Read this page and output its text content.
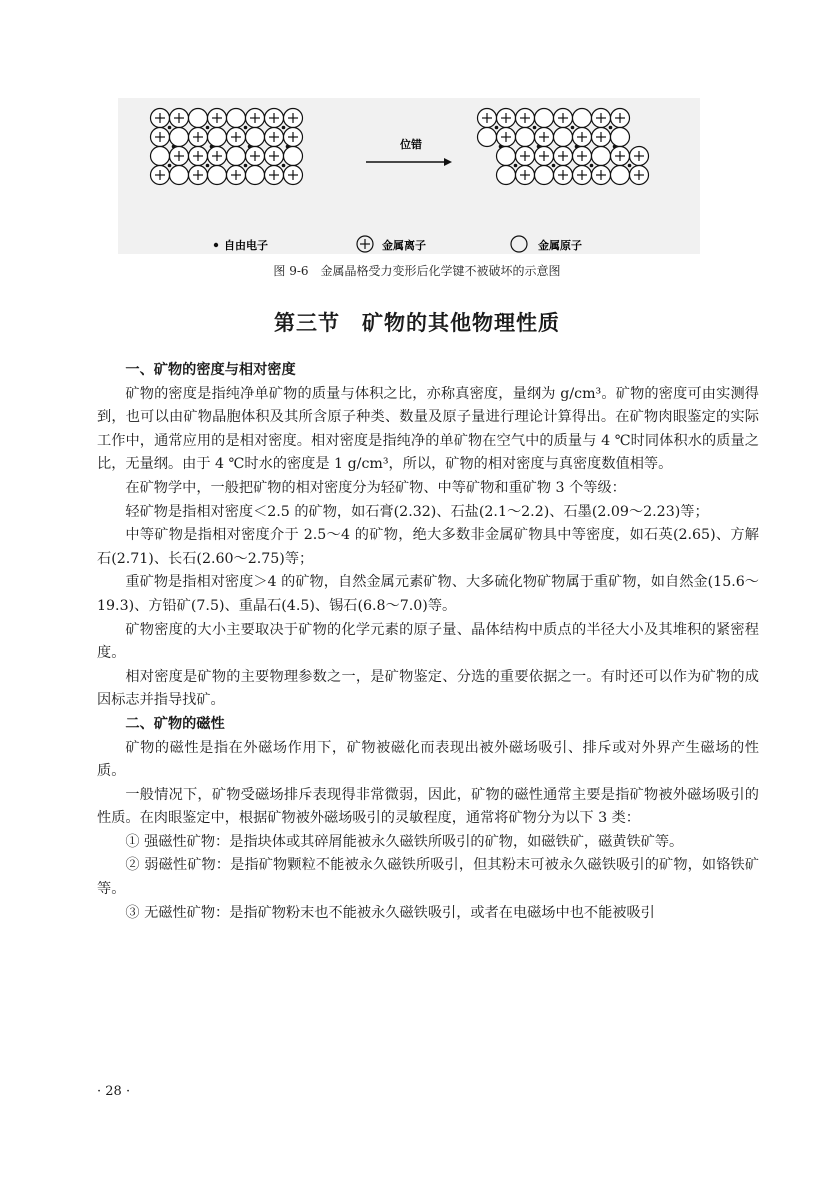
位错
自由电子	金属离子	金属原子
图 9-6　金属晶格受力变形后化学键不被破坏的示意图
第三节　矿物的其他物理性质
一、矿物的密度与相对密度

矿物的密度是指纯净单矿物的质量与体积之比，亦称真密度，量纲为 g/cm³。矿物的密度可由实测得到，也可以由矿物晶胞体积及其所含原子种类、数量及原子量进行理论计算得出。在矿物肉眼鉴定的实际工作中，通常应用的是相对密度。相对密度是指纯净的单矿物在空气中的质量与 4 ℃时同体积水的质量之比，无量纲。由于 4 ℃时水的密度是 1 g/cm³，所以，矿物的相对密度与真密度数值相等。

在矿物学中，一般把矿物的相对密度分为轻矿物、中等矿物和重矿物 3 个等级：

轻矿物是指相对密度＜2.5 的矿物，如石膏(2.32)、石盐(2.1～2.2)、石墨(2.09～2.23)等；

中等矿物是指相对密度介于 2.5～4 的矿物，绝大多数非金属矿物具中等密度，如石英(2.65)、方解石(2.71)、长石(2.60～2.75)等；

重矿物是指相对密度＞4 的矿物，自然金属元素矿物、大多硫化物矿物属于重矿物，如自然金(15.6～19.3)、方铅矿(7.5)、重晶石(4.5)、锡石(6.8～7.0)等。

矿物密度的大小主要取决于矿物的化学元素的原子量、晶体结构中质点的半径大小及其堆积的紧密程度。

相对密度是矿物的主要物理参数之一，是矿物鉴定、分选的重要依据之一。有时还可以作为矿物的成因标志并指导找矿。

二、矿物的磁性

矿物的磁性是指在外磁场作用下，矿物被磁化而表现出被外磁场吸引、排斥或对外界产生磁场的性质。

一般情况下，矿物受磁场排斥表现得非常微弱，因此，矿物的磁性通常主要是指矿物被外磁场吸引的性质。在肉眼鉴定中，根据矿物被外磁场吸引的灵敏程度，通常将矿物分为以下 3 类：

① 强磁性矿物：是指块体或其碎屑能被永久磁铁所吸引的矿物，如磁铁矿，磁黄铁矿等。

② 弱磁性矿物：是指矿物颗粒不能被永久磁铁所吸引，但其粉末可被永久磁铁吸引的矿物，如铬铁矿等。

③ 无磁性矿物：是指矿物粉末也不能被永久磁铁吸引，或者在电磁场中也不能被吸引

· 28 ·
